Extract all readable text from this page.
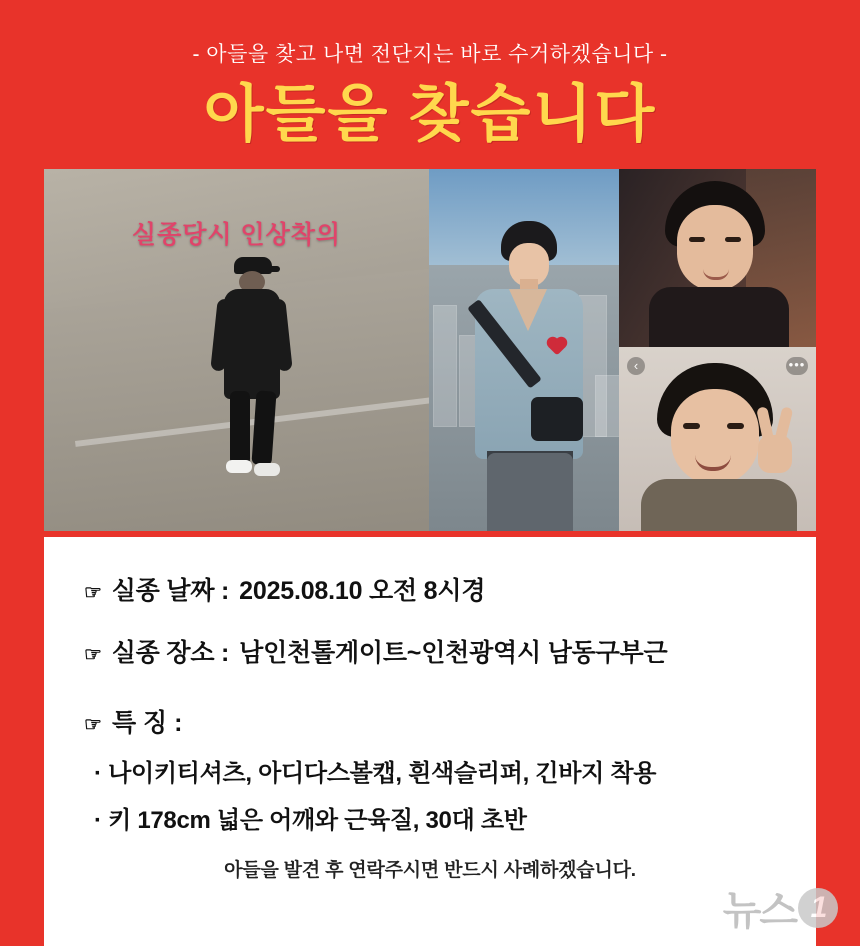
- 아들을 찾고 나면 전단지는 바로 수거하겠습니다 -
아들을 찾습니다
실종당시 인상착의
‹	•••
☞ 실종 날짜 : 2025.08.10 오전 8시경
☞ 실종 장소 : 남인천톨게이트~인천광역시 남동구부근
☞ 특 징 :
· 나이키티셔츠, 아디다스볼캡, 흰색슬리퍼, 긴바지 착용
· 키 178cm 넓은 어깨와 근육질, 30대 초반
아들을 발견 후 연락주시면 반드시 사례하겠습니다.
뉴스 1
